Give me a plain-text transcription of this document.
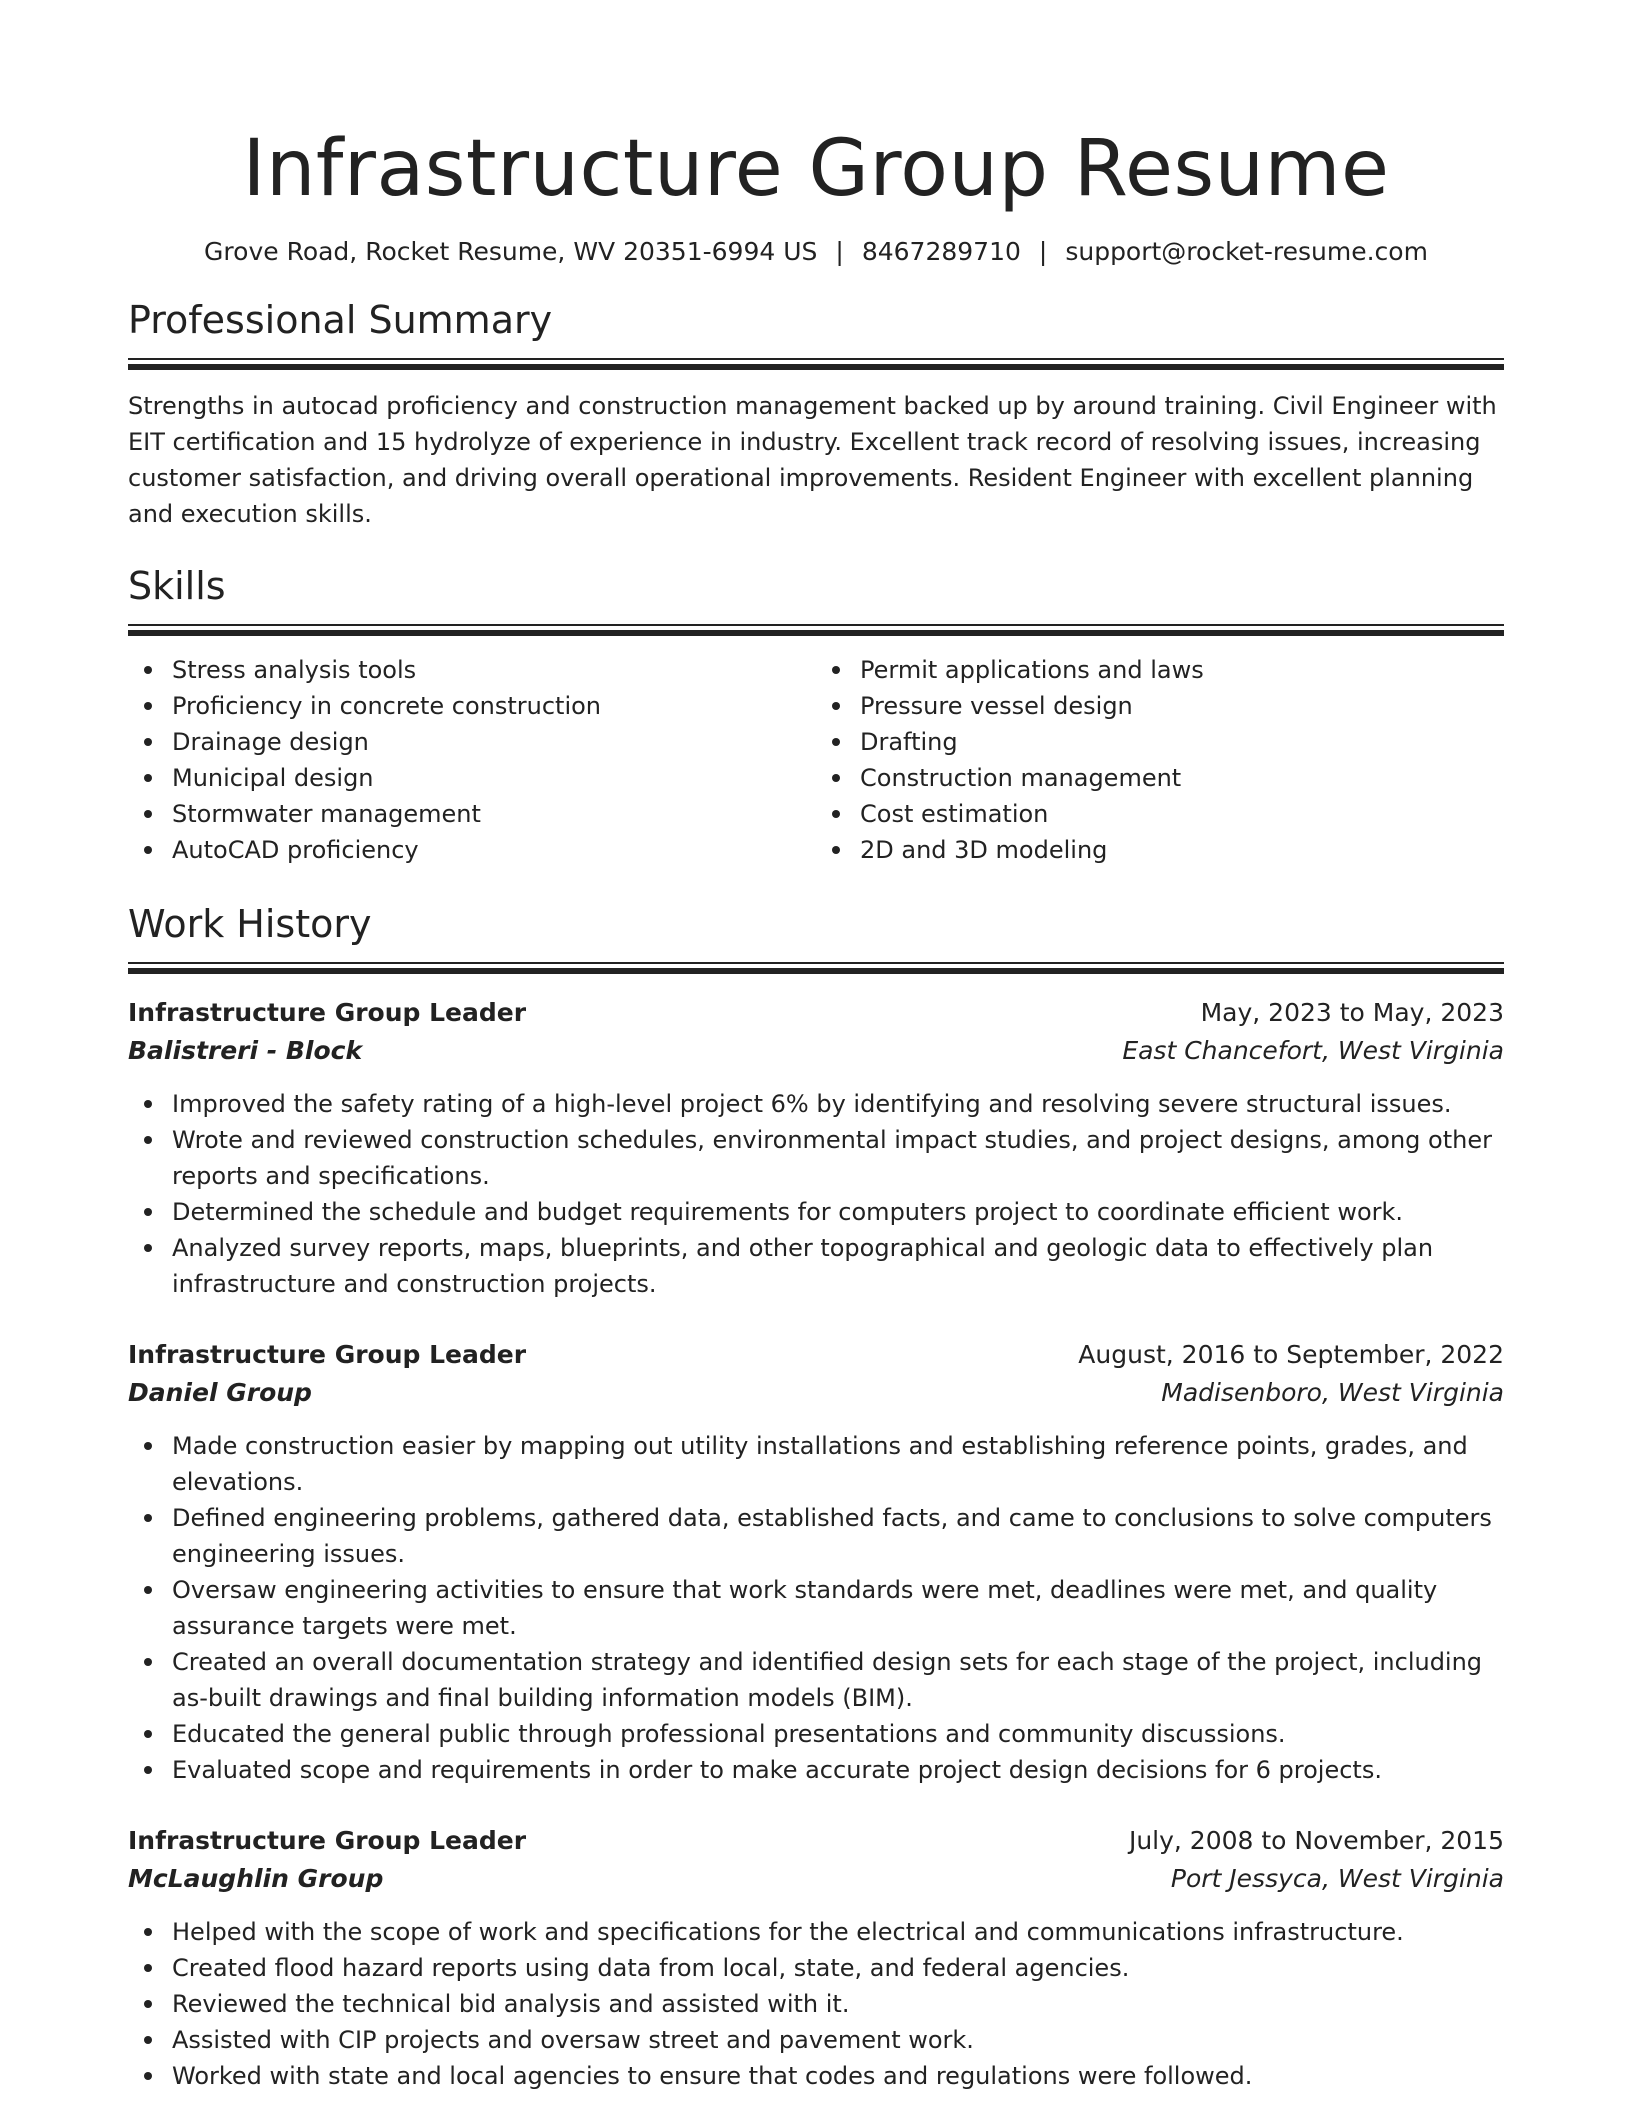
Infrastructure Group Resume
Grove Road, Rocket Resume, WV 20351-6994 US | 8467289710 | support@rocket-resume.com
Professional Summary

Strengths in autocad proficiency and construction management backed up by around training. Civil Engineer with EIT certification and 15 hydrolyze of experience in industry. Excellent track record of resolving issues, increasing customer satisfaction, and driving overall operational improvements. Resident Engineer with excellent planning and execution skills.

Skills
Stress analysis tools
Proficiency in concrete construction
Drainage design
Municipal design
Stormwater management
AutoCAD proficiency
Permit applications and laws
Pressure vessel design
Drafting
Construction management
Cost estimation
2D and 3D modeling
Work History
Infrastructure Group Leader	May, 2023 to May, 2023
Balistreri - Block	East Chancefort, West Virginia
Improved the safety rating of a high-level project 6% by identifying and resolving severe structural issues.
Wrote and reviewed construction schedules, environmental impact studies, and project designs, among other reports and specifications.
Determined the schedule and budget requirements for computers project to coordinate efficient work.
Analyzed survey reports, maps, blueprints, and other topographical and geologic data to effectively plan infrastructure and construction projects.
Infrastructure Group Leader	August, 2016 to September, 2022
Daniel Group	Madisenboro, West Virginia
Made construction easier by mapping out utility installations and establishing reference points, grades, and elevations.
Defined engineering problems, gathered data, established facts, and came to conclusions to solve computers engineering issues.
Oversaw engineering activities to ensure that work standards were met, deadlines were met, and quality assurance targets were met.
Created an overall documentation strategy and identified design sets for each stage of the project, including as-built drawings and final building information models (BIM).
Educated the general public through professional presentations and community discussions.
Evaluated scope and requirements in order to make accurate project design decisions for 6 projects.
Infrastructure Group Leader	July, 2008 to November, 2015
McLaughlin Group	Port Jessyca, West Virginia
Helped with the scope of work and specifications for the electrical and communications infrastructure.
Created flood hazard reports using data from local, state, and federal agencies.
Reviewed the technical bid analysis and assisted with it.
Assisted with CIP projects and oversaw street and pavement work.
Worked with state and local agencies to ensure that codes and regulations were followed.
